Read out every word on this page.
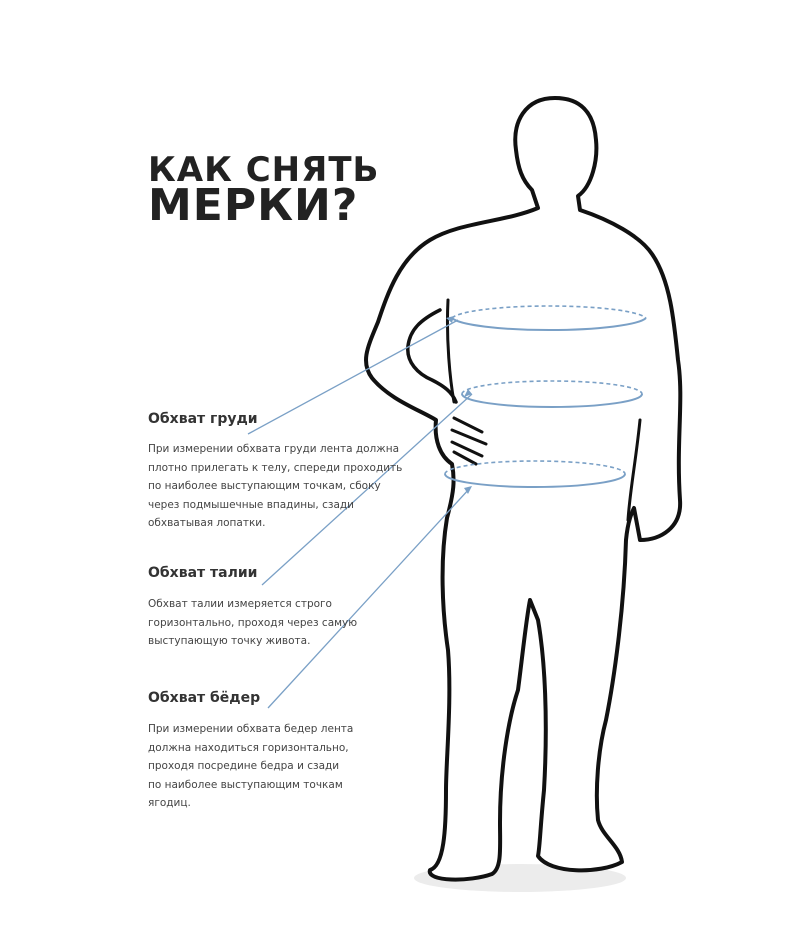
КАК СНЯТЬ
МЕРКИ?
Обхват груди
При измерении обхвата груди лента должна
плотно прилегать к телу, спереди проходить
по наиболее выступающим точкам, сбоку
через подмышечные впадины, сзади
обхватывая лопатки.
Обхват талии
Обхват талии измеряется строго
горизонтально, проходя через самую
выступающую точку живота.
Обхват бёдер
При измерении обхвата бедер лента
должна находиться горизонтально,
проходя посредине бедра и сзади
по наиболее выступающим точкам
ягодиц.
